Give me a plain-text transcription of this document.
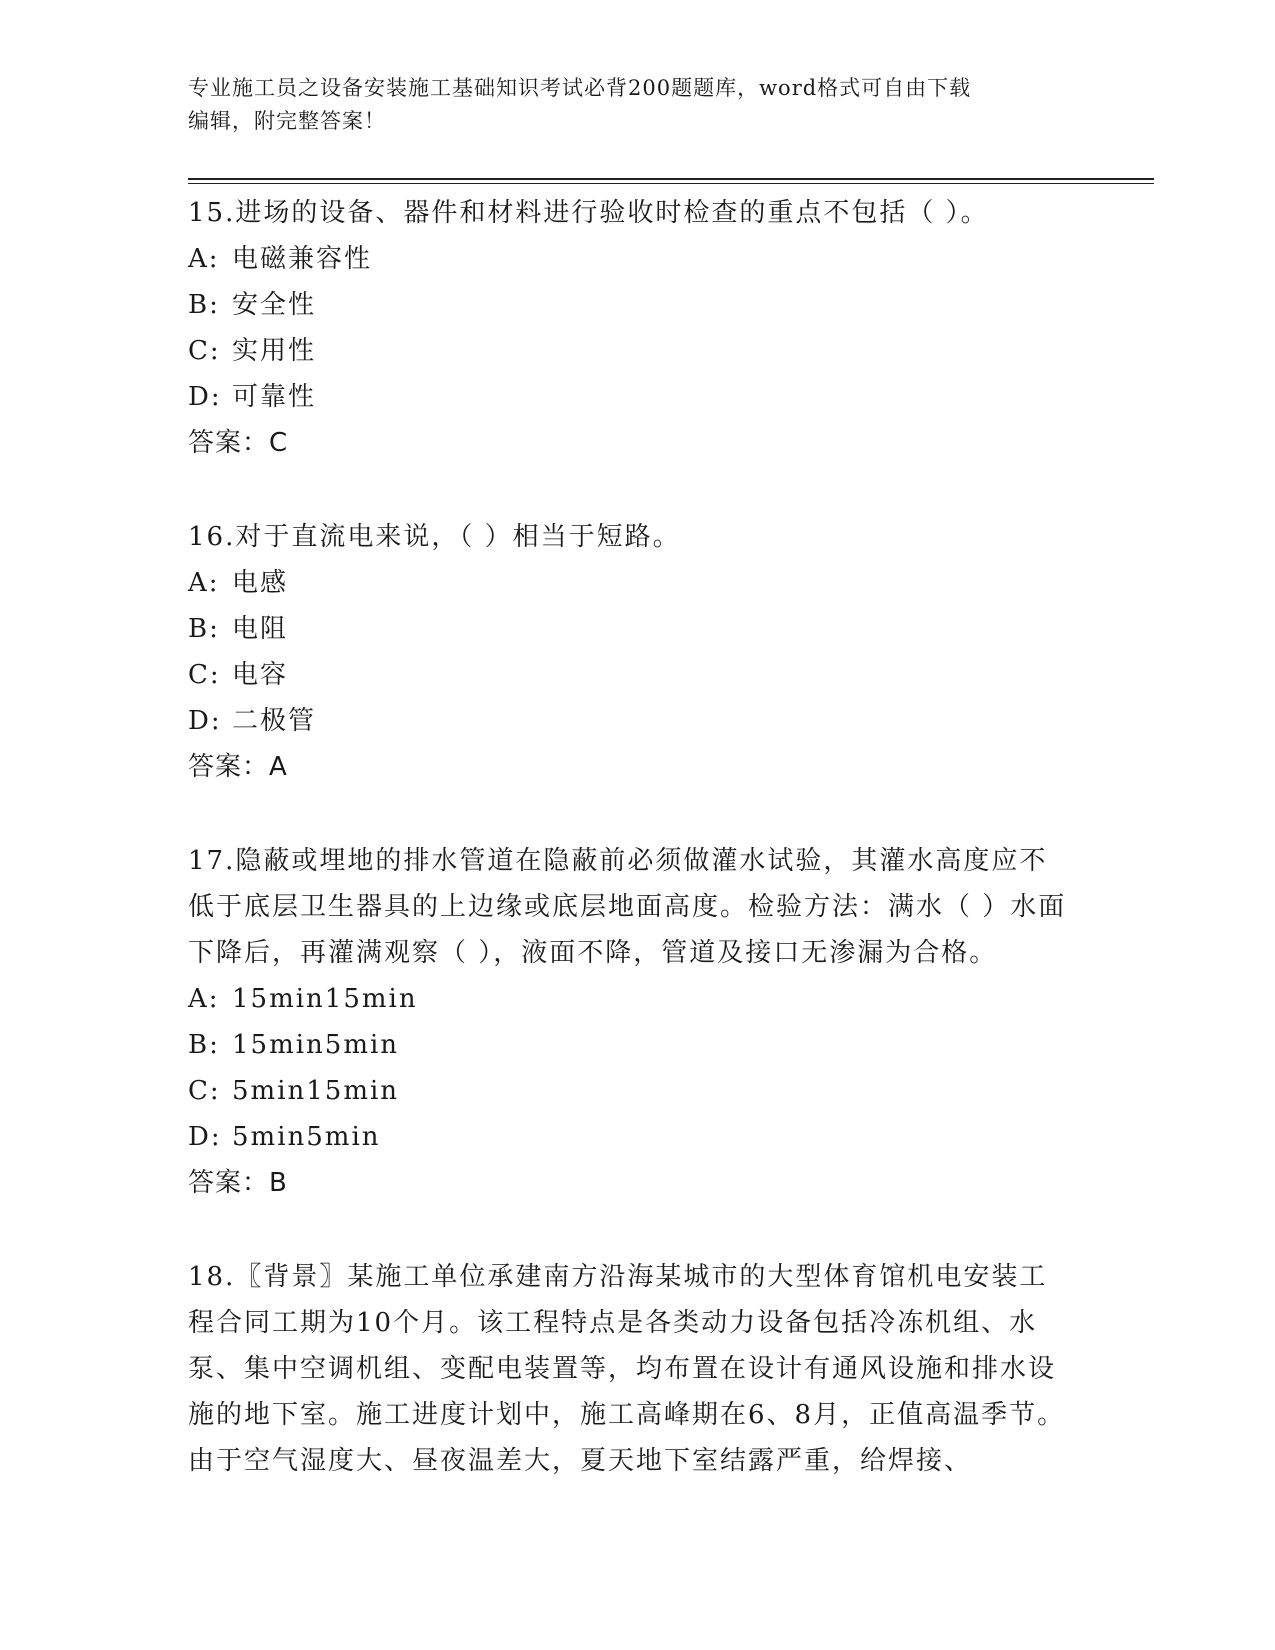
专业施工员之设备安装施工基础知识考试必背200题题库，word格式可自由下载
编辑，附完整答案！

15.进场的设备、器件和材料进行验收时检查的重点不包括（ ）。

A: 电磁兼容性

B: 安全性

C: 实用性

D: 可靠性

答案：C

16.对于直流电来说，（ ）相当于短路。

A: 电感

B: 电阻

C: 电容

D: 二极管

答案：A

17.隐蔽或埋地的排水管道在隐蔽前必须做灌水试验，其灌水高度应不低于底层卫生器具的上边缘或底层地面高度。检验方法：满水（ ）水面下降后，再灌满观察（ ），液面不降，管道及接口无渗漏为合格。

A: 15min15min

B: 15min5min

C: 5min15min

D: 5min5min

答案：B

18.〖背景〗某施工单位承建南方沿海某城市的大型体育馆机电安装工程合同工期为10个月。该工程特点是各类动力设备包括冷冻机组、水泵、集中空调机组、变配电装置等，均布置在设计有通风设施和排水设施的地下室。施工进度计划中，施工高峰期在6、8月，正值高温季节。由于空气湿度大、昼夜温差大，夏天地下室结露严重，给焊接、
